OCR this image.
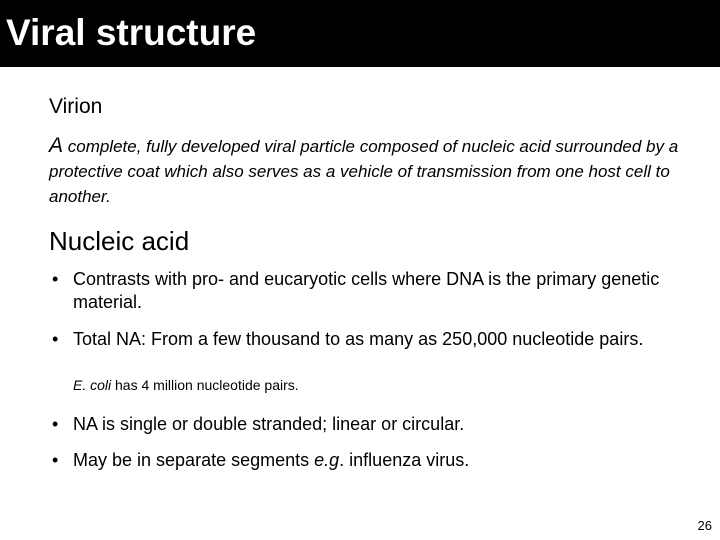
Viral structure
Virion
A complete, fully developed viral particle composed of nucleic acid surrounded by a protective coat which also serves as a vehicle of transmission from one host cell to another.
Nucleic acid
• Contrasts with pro- and eucaryotic cells where DNA is the primary genetic material.
• Total NA: From a few thousand to as many as 250,000 nucleotide pairs.
E. coli has 4 million nucleotide pairs.
• NA is single or double stranded; linear or circular.
• May be in separate segments e.g. influenza virus.
26
